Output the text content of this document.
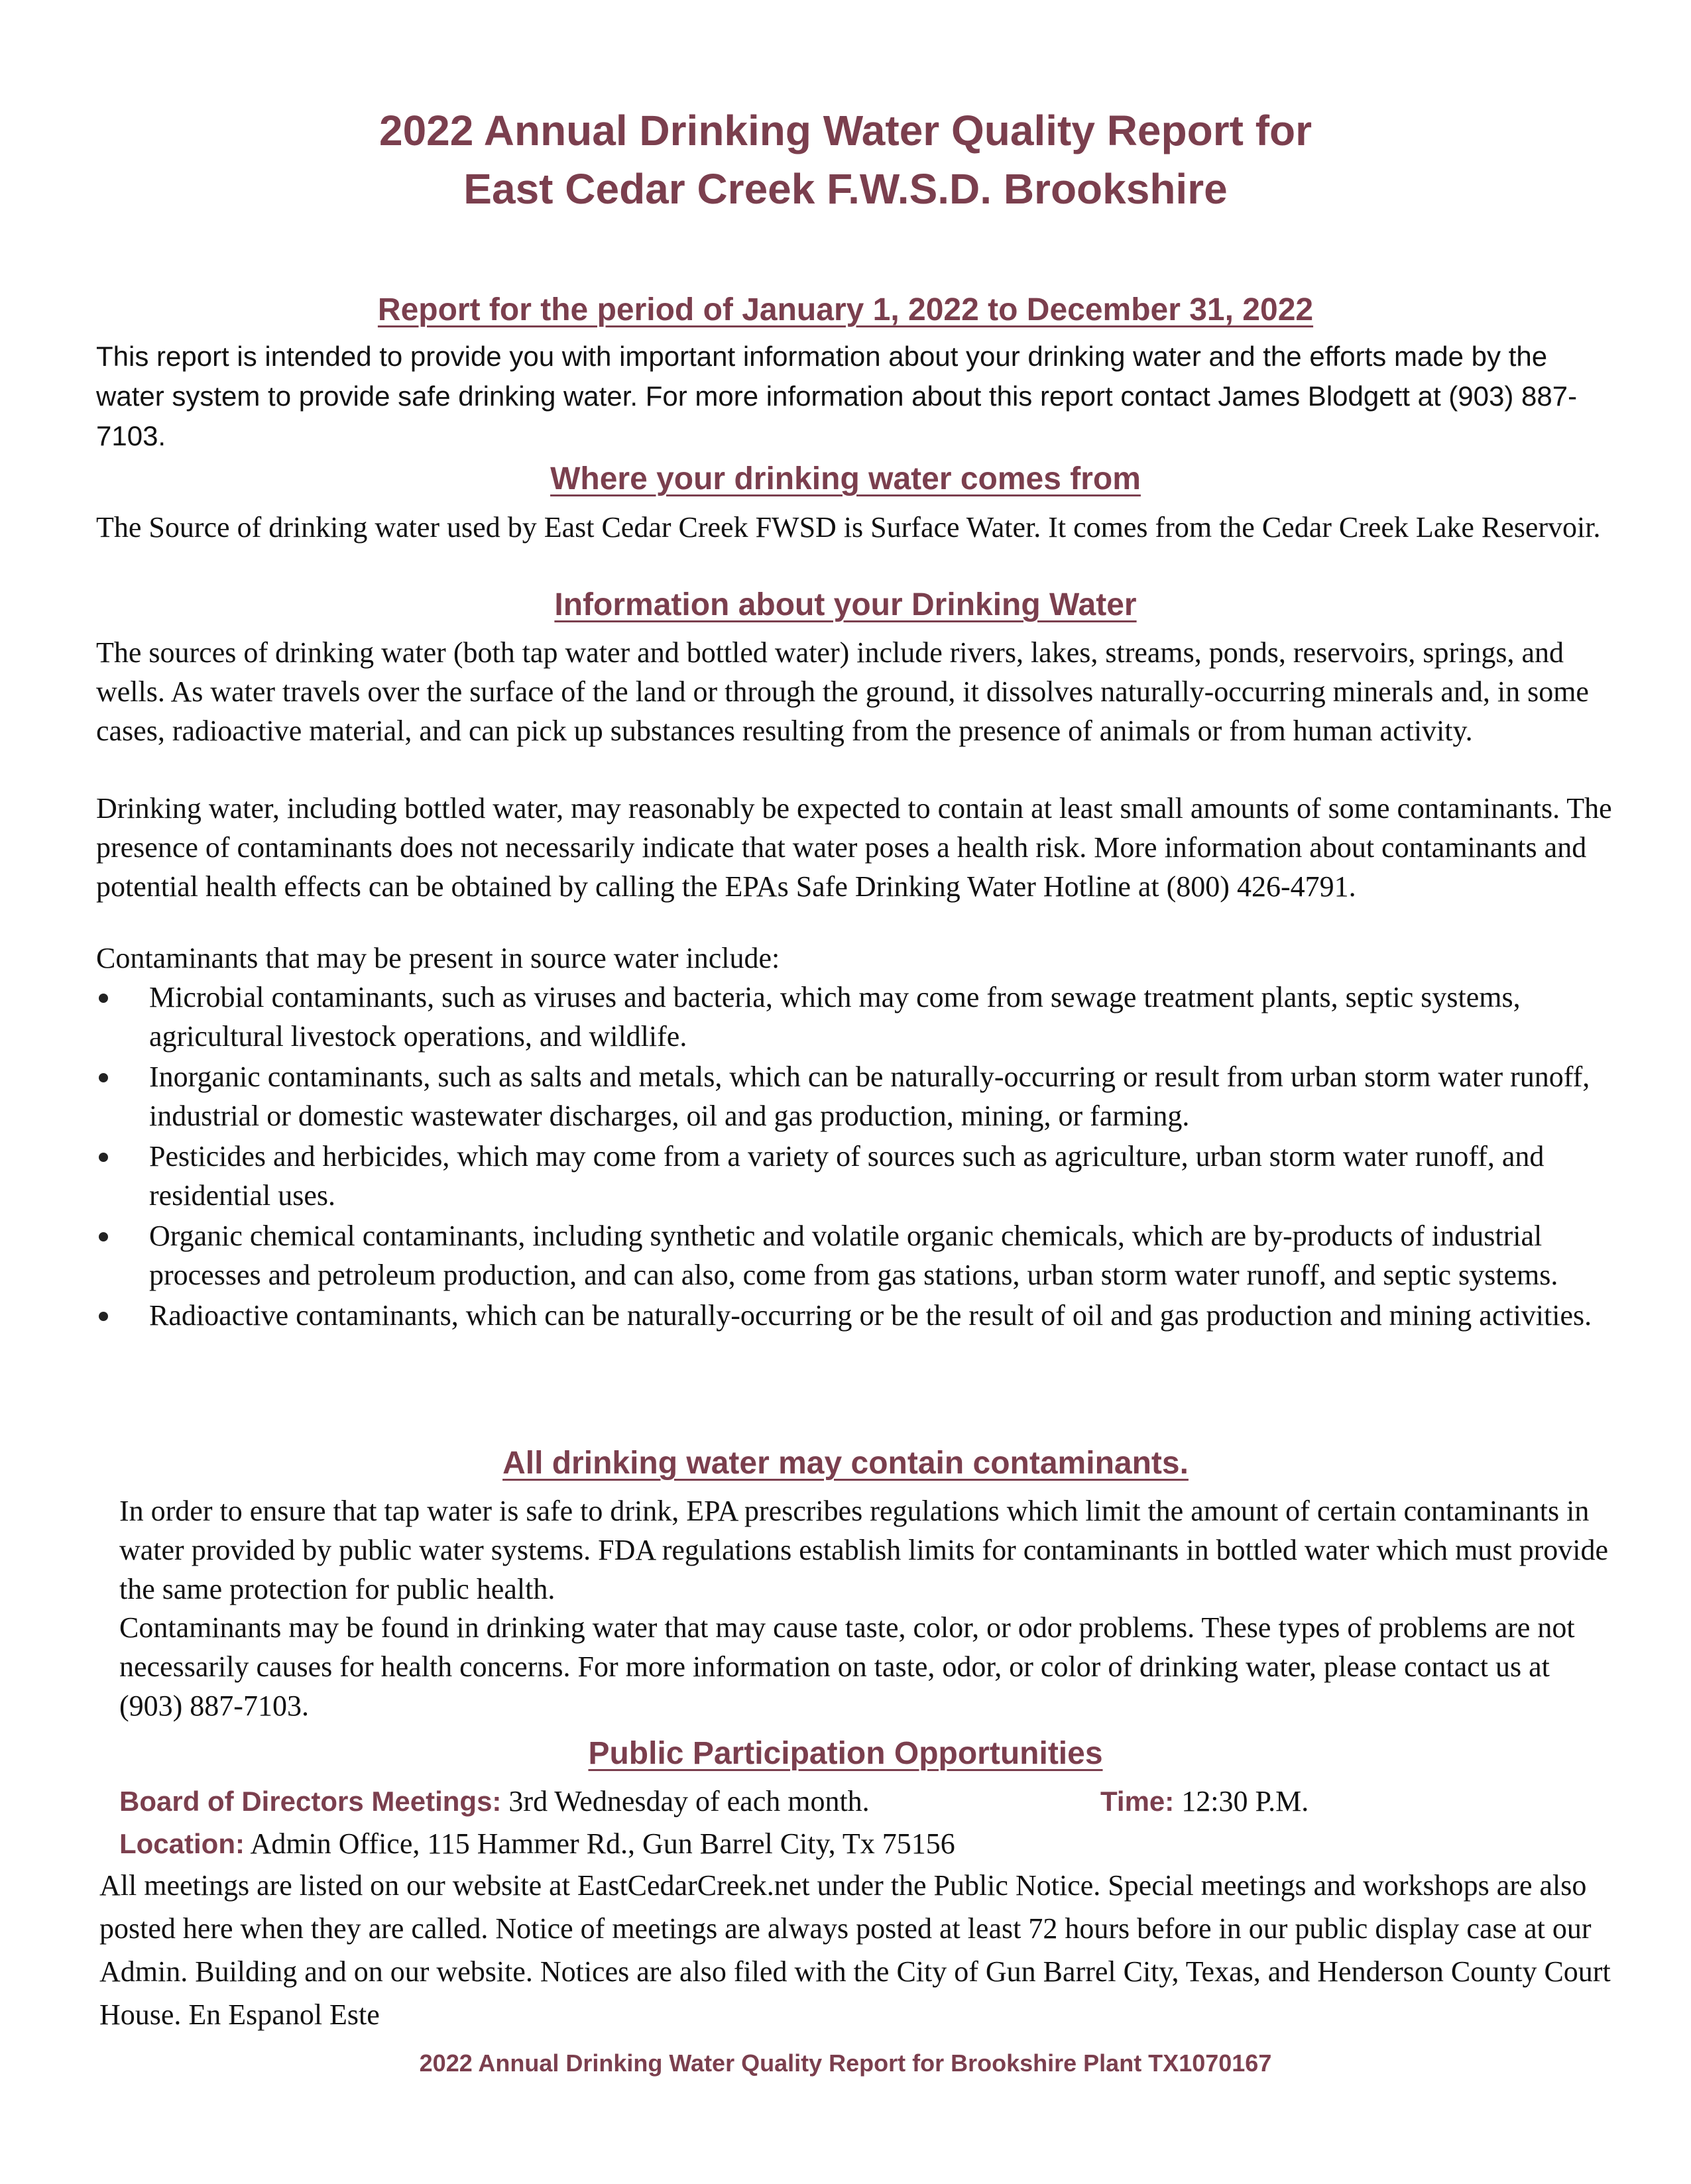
2022 Annual Drinking Water Quality Report for
East Cedar Creek F.W.S.D. Brookshire
Report for the period of January 1, 2022 to December 31, 2022

This report is intended to provide you with important information about your drinking water and the efforts made by the water system to provide safe drinking water. For more information about this report contact James Blodgett at (903) 887-7103.

Where your drinking water comes from

The Source of drinking water used by East Cedar Creek FWSD is Surface Water. It comes from the Cedar Creek Lake Reservoir.

Information about your Drinking Water

The sources of drinking water (both tap water and bottled water) include rivers, lakes, streams, ponds, reservoirs, springs, and wells. As water travels over the surface of the land or through the ground, it dissolves naturally-occurring minerals and, in some cases, radioactive material, and can pick up substances resulting from the presence of animals or from human activity.

Drinking water, including bottled water, may reasonably be expected to contain at least small amounts of some contaminants. The presence of contaminants does not necessarily indicate that water poses a health risk. More information about contaminants and potential health effects can be obtained by calling the EPAs Safe Drinking Water Hotline at (800) 426-4791.

Contaminants that may be present in source water include:

Microbial contaminants, such as viruses and bacteria, which may come from sewage treatment plants, septic systems, agricultural livestock operations, and wildlife.
Inorganic contaminants, such as salts and metals, which can be naturally-occurring or result from urban storm water runoff, industrial or domestic wastewater discharges, oil and gas production, mining, or farming.
Pesticides and herbicides, which may come from a variety of sources such as agriculture, urban storm water runoff, and residential uses.
Organic chemical contaminants, including synthetic and volatile organic chemicals, which are by-products of industrial processes and petroleum production, and can also, come from gas stations, urban storm water runoff, and septic systems.
Radioactive contaminants, which can be naturally-occurring or be the result of oil and gas production and mining activities.
All drinking water may contain contaminants.

In order to ensure that tap water is safe to drink, EPA prescribes regulations which limit the amount of certain contaminants in water provided by public water systems. FDA regulations establish limits for contaminants in bottled water which must provide the same protection for public health.

Contaminants may be found in drinking water that may cause taste, color, or odor problems. These types of problems are not necessarily causes for health concerns. For more information on taste, odor, or color of drinking water, please contact us at (903) 887-7103.

Public Participation Opportunities
Board of Directors Meetings: 3rd Wednesday of each month.	Time: 12:30 P.M.
Location: Admin Office, 115 Hammer Rd., Gun Barrel City, Tx 75156

All meetings are listed on our website at EastCedarCreek.net under the Public Notice. Special meetings and workshops are also posted here when they are called. Notice of meetings are always posted at least 72 hours before in our public display case at our Admin. Building and on our website. Notices are also filed with the City of Gun Barrel City, Texas, and Henderson County Court House. En Espanol Este

2022 Annual Drinking Water Quality Report for Brookshire Plant TX1070167
